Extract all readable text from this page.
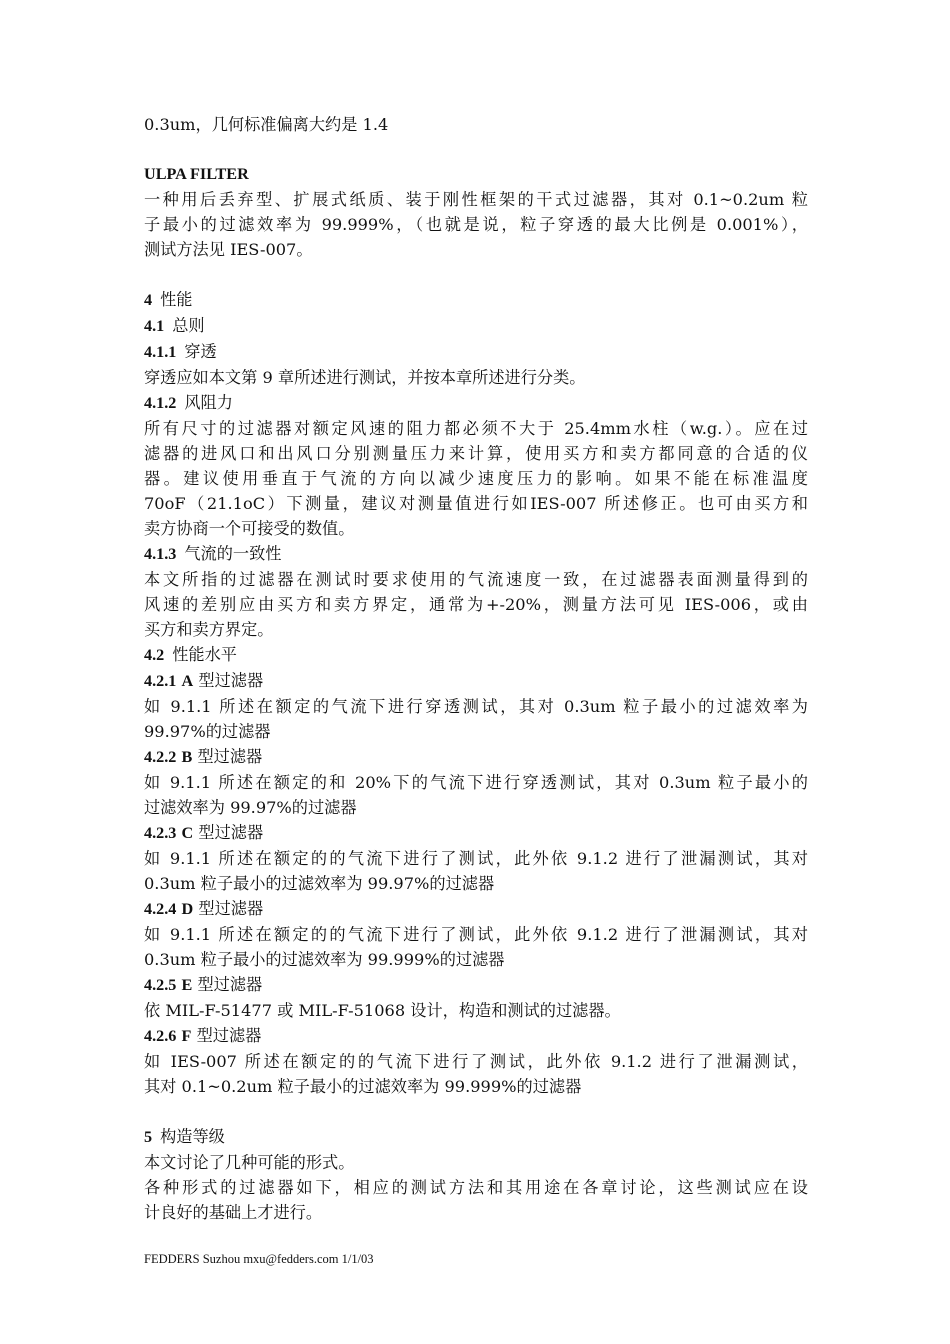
0.3um，几何标准偏离大约是 1.4
ULPA FILTER
一种用后丢弃型、扩展式纸质、装于刚性框架的干式过滤器，其对 0.1~0.2um 粒
子最小的过滤效率为 99.999%，（也就是说，粒子穿透的最大比例是 0.001%），
测试方法见 IES-007。
4 性能
4.1 总则
4.1.1 穿透
穿透应如本文第 9 章所述进行测试，并按本章所述进行分类。
4.1.2 风阻力
所有尺寸的过滤器对额定风速的阻力都必须不大于 25.4mm水柱（w.g.）。应在过
滤器的进风口和出风口分别测量压力来计算，使用买方和卖方都同意的合适的仪
器。建议使用垂直于气流的方向以减少速度压力的影响。如果不能在标准温度
70oF（21.1oC）下测量，建议对测量值进行如IES-007 所述修正。也可由买方和
卖方协商一个可接受的数值。
4.1.3 气流的一致性
本文所指的过滤器在测试时要求使用的气流速度一致，在过滤器表面测量得到的
风速的差别应由买方和卖方界定，通常为+-20%，测量方法可见 IES-006，或由
买方和卖方界定。
4.2 性能水平
4.2.1 A 型过滤器
如 9.1.1 所述在额定的气流下进行穿透测试，其对 0.3um 粒子最小的过滤效率为
99.97%的过滤器
4.2.2 B 型过滤器
如 9.1.1 所述在额定的和 20%下的气流下进行穿透测试，其对 0.3um 粒子最小的
过滤效率为 99.97%的过滤器
4.2.3 C 型过滤器
如 9.1.1 所述在额定的的气流下进行了测试，此外依 9.1.2 进行了泄漏测试，其对
0.3um 粒子最小的过滤效率为 99.97%的过滤器
4.2.4 D 型过滤器
如 9.1.1 所述在额定的的气流下进行了测试，此外依 9.1.2 进行了泄漏测试，其对
0.3um 粒子最小的过滤效率为 99.999%的过滤器
4.2.5 E 型过滤器
依 MIL-F-51477 或 MIL-F-51068 设计，构造和测试的过滤器。
4.2.6 F 型过滤器
如 IES-007 所述在额定的的气流下进行了测试，此外依 9.1.2 进行了泄漏测试，
其对 0.1~0.2um 粒子最小的过滤效率为 99.999%的过滤器
5 构造等级
本文讨论了几种可能的形式。
各种形式的过滤器如下，相应的测试方法和其用途在各章讨论，这些测试应在设
计良好的基础上才进行。
FEDDERS Suzhou mxu@fedders.com 1/1/03
